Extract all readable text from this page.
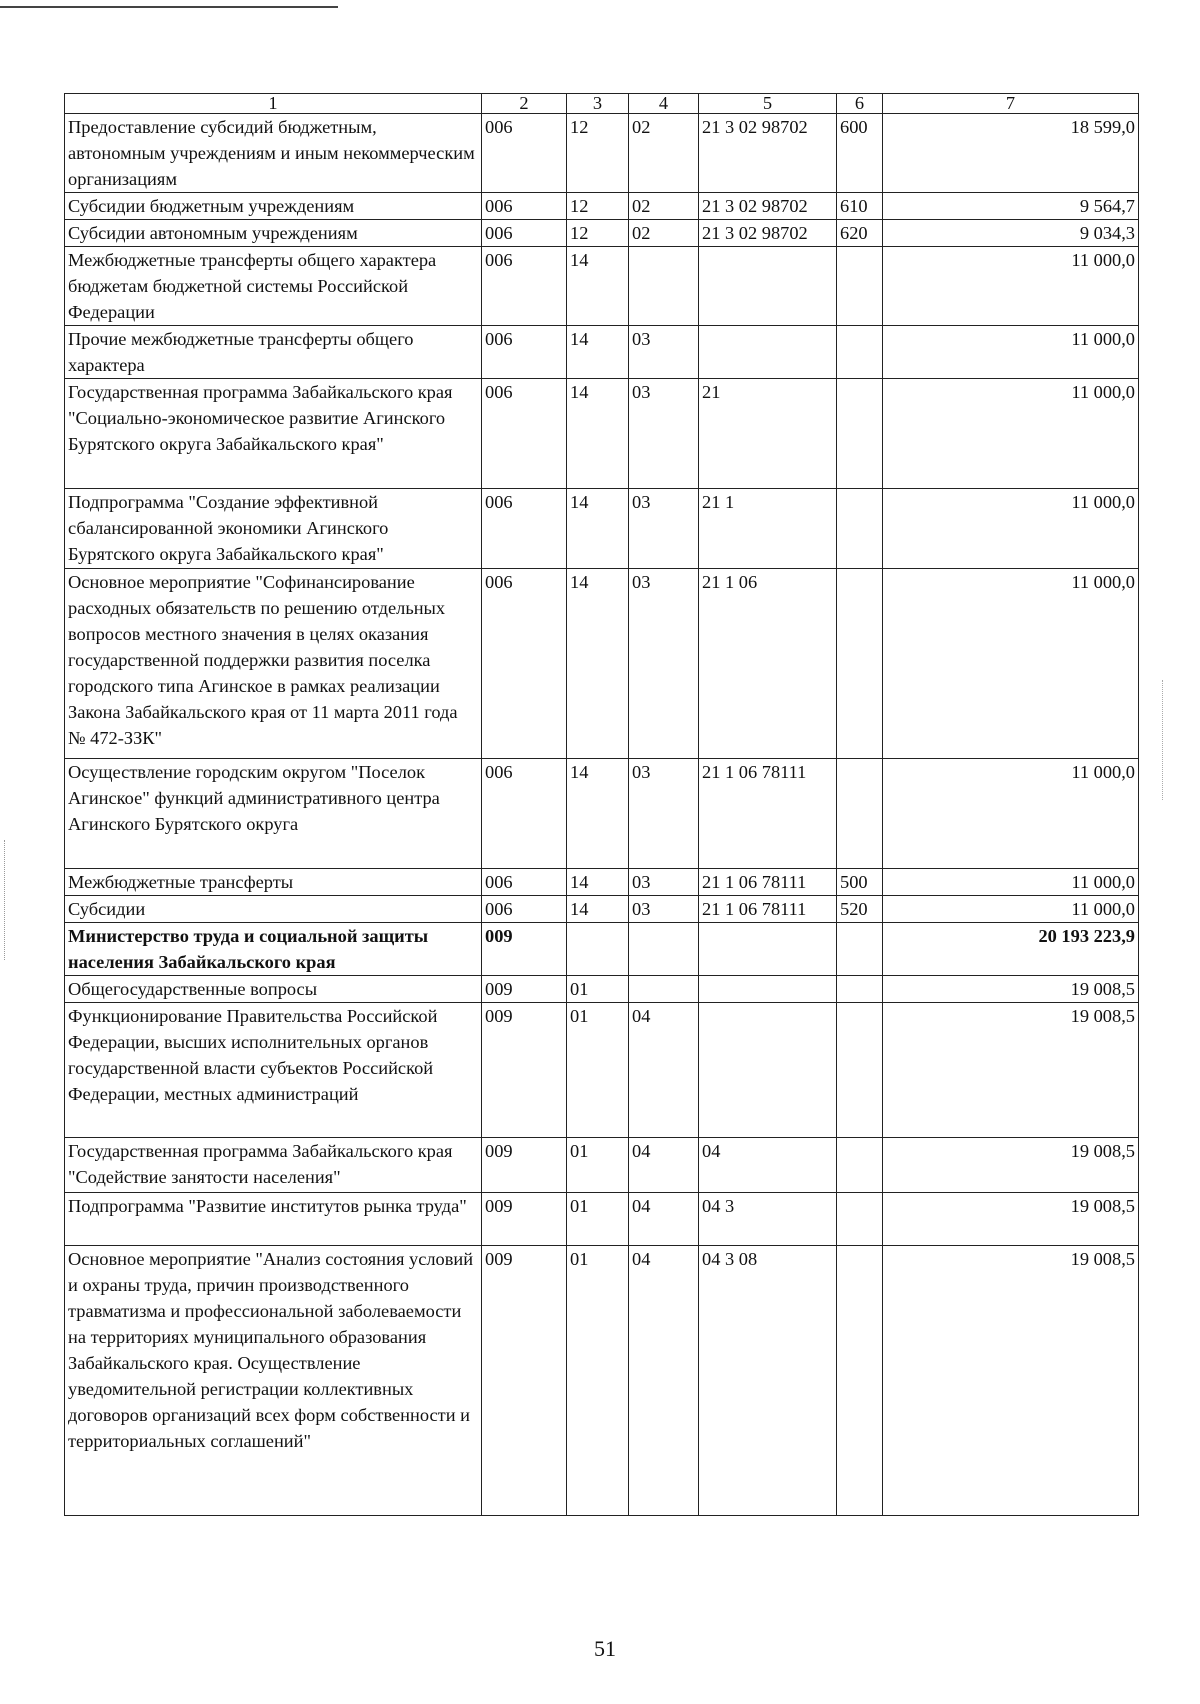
1	2	3	4	5	6	7
Предоставление субсидий бюджетным, автономным учреждениям и иным некоммерческим организациям	006	12	02	21 3 02 98702	600	18 599,0
Субсидии бюджетным учреждениям	006	12	02	21 3 02 98702	610	9 564,7
Субсидии автономным учреждениям	006	12	02	21 3 02 98702	620	9 034,3
Межбюджетные трансферты общего характера бюджетам бюджетной системы Российской Федерации	006	14				11 000,0
Прочие межбюджетные трансферты общего характера	006	14	03			11 000,0
Государственная программа Забайкальского края "Социально-экономическое развитие Агинского Бурятского округа Забайкальского края"	006	14	03	21		11 000,0
Подпрограмма "Создание эффективной сбалансированной экономики Агинского Бурятского округа Забайкальского края"	006	14	03	21 1		11 000,0
Основное мероприятие "Софинансирование расходных обязательств по решению отдельных вопросов местного значения в целях оказания государственной поддержки развития поселка городского типа Агинское в рамках реализации Закона Забайкальского края от 11 марта 2011 года № 472-ЗЗК"	006	14	03	21 1 06		11 000,0
Осуществление городским округом "Поселок Агинское" функций административного центра Агинского Бурятского округа	006	14	03	21 1 06 78111		11 000,0
Межбюджетные трансферты	006	14	03	21 1 06 78111	500	11 000,0
Субсидии	006	14	03	21 1 06 78111	520	11 000,0
Министерство труда и социальной защиты населения Забайкальского края	009					20 193 223,9
Общегосударственные вопросы	009	01				19 008,5
Функционирование Правительства Российской Федерации, высших исполнительных органов государственной власти субъектов Российской Федерации, местных администраций	009	01	04			19 008,5
Государственная программа Забайкальского края "Содействие занятости населения"	009	01	04	04		19 008,5
Подпрограмма "Развитие институтов рынка труда"	009	01	04	04 3		19 008,5
Основное мероприятие "Анализ состояния условий и охраны труда, причин производственного травматизма и профессиональной заболеваемости на территориях муниципального образования Забайкальского края. Осуществление уведомительной регистрации коллективных договоров организаций всех форм собственности и территориальных соглашений"	009	01	04	04 3 08		19 008,5
51
